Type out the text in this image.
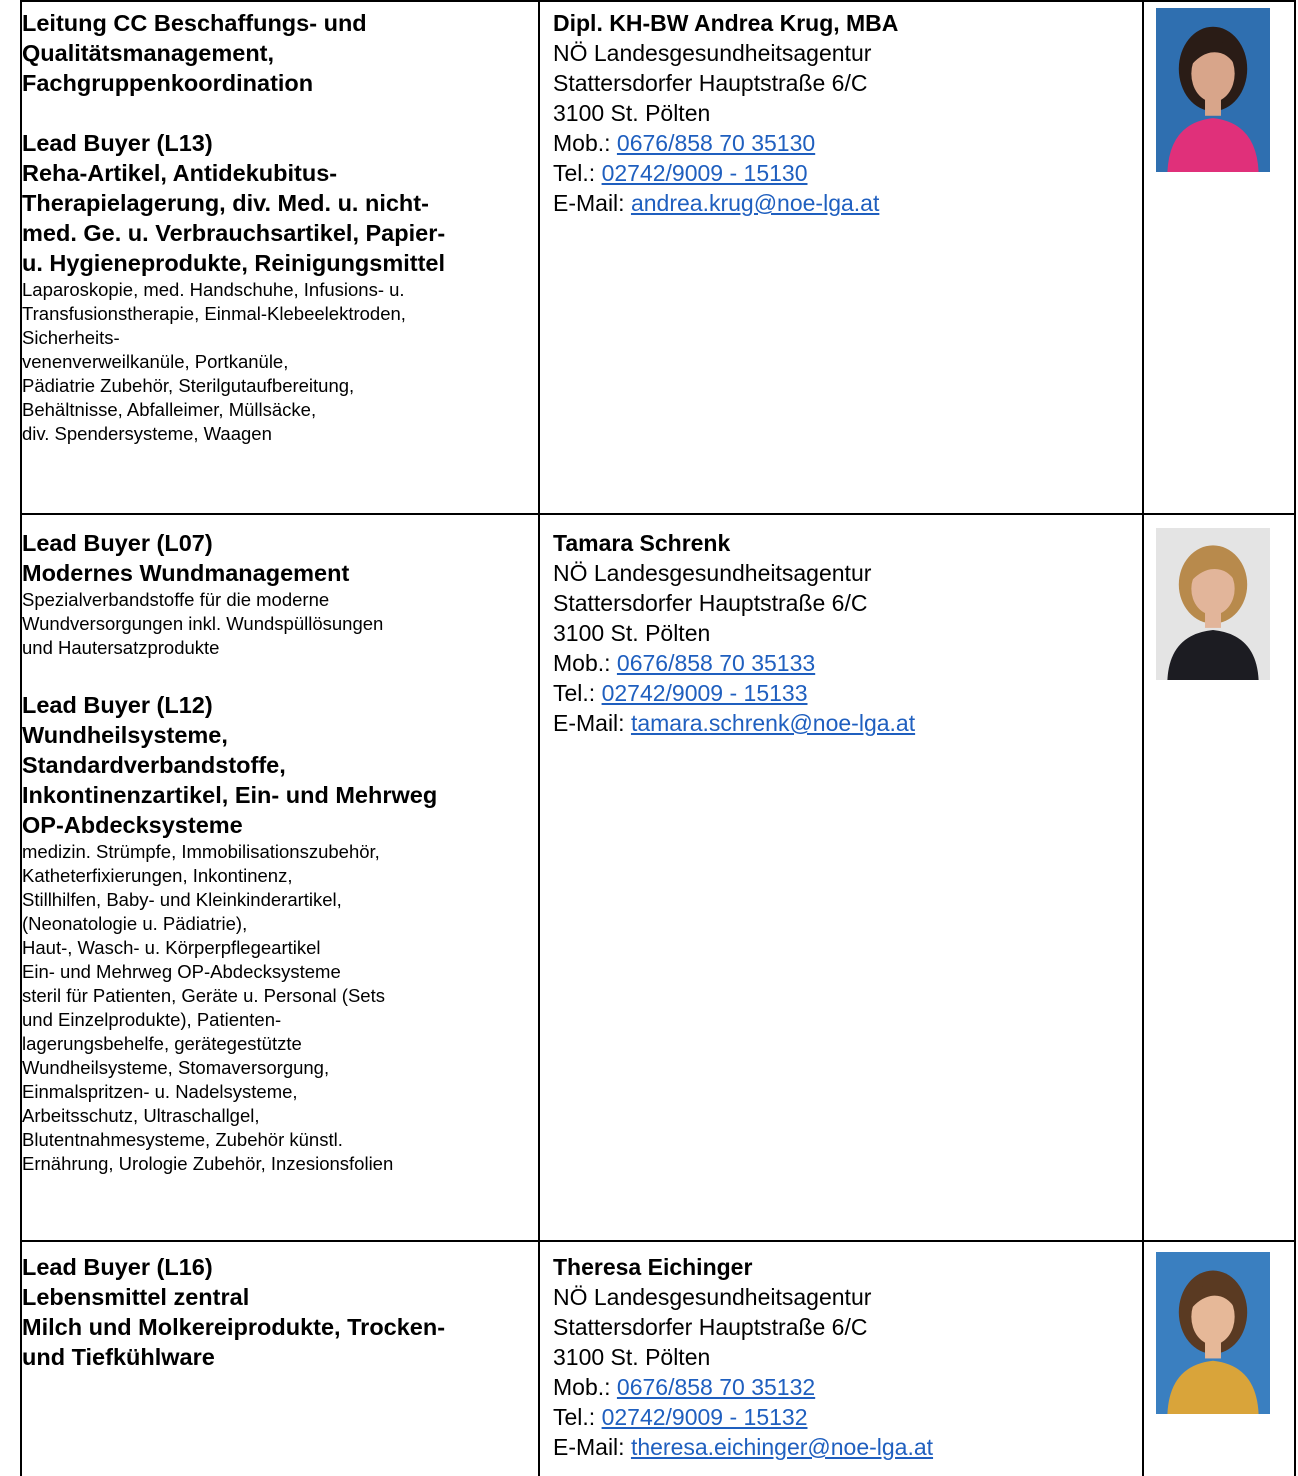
Leitung CC Beschaffungs- und
Qualitätsmanagement,
Fachgruppenkoordination
Lead Buyer (L13)
Reha-Artikel, Antidekubitus-
Therapielagerung, div. Med. u. nicht-
med. Ge. u. Verbrauchsartikel, Papier-
u. Hygieneprodukte, Reinigungsmittel
Laparoskopie, med. Handschuhe, Infusions- u.
Transfusionstherapie, Einmal-Klebeelektroden,
Sicherheits-
venenverweilkanüle, Portkanüle,
Pädiatrie Zubehör, Sterilgutaufbereitung,
Behältnisse, Abfalleimer, Müllsäcke,
div. Spendersysteme, Waagen
Dipl. KH-BW Andrea Krug, MBA
NÖ Landesgesundheitsagentur
Stattersdorfer Hauptstraße 6/C
3100 St. Pölten
Mob.: 0676/858 70 35130
Tel.: 02742/9009 - 15130
E-Mail: andrea.krug@noe-lga.at
Lead Buyer (L07)
Modernes Wundmanagement
Spezialverbandstoffe für die moderne
Wundversorgungen inkl. Wundspüllösungen
und Hautersatzprodukte
Lead Buyer (L12)
Wundheilsysteme,
Standardverbandstoffe,
Inkontinenzartikel, Ein- und Mehrweg
OP-Abdecksysteme
medizin. Strümpfe, Immobilisationszubehör,
Katheterfixierungen, Inkontinenz,
Stillhilfen, Baby- und Kleinkinderartikel,
(Neonatologie u. Pädiatrie),
Haut-, Wasch- u. Körperpflegeartikel
Ein- und Mehrweg OP-Abdecksysteme
steril für Patienten, Geräte u. Personal (Sets
und Einzelprodukte), Patienten-
lagerungsbehelfe, gerätegestützte
Wundheilsysteme, Stomaversorgung,
Einmalspritzen- u. Nadelsysteme,
Arbeitsschutz, Ultraschallgel,
Blutentnahmesysteme, Zubehör künstl.
Ernährung, Urologie Zubehör, Inzesionsfolien
Tamara Schrenk
NÖ Landesgesundheitsagentur
Stattersdorfer Hauptstraße 6/C
3100 St. Pölten
Mob.: 0676/858 70 35133
Tel.: 02742/9009 - 15133
E-Mail: tamara.schrenk@noe-lga.at
Lead Buyer (L16)
Lebensmittel zentral
Milch und Molkereiprodukte, Trocken-
und Tiefkühlware
Theresa Eichinger
NÖ Landesgesundheitsagentur
Stattersdorfer Hauptstraße 6/C
3100 St. Pölten
Mob.: 0676/858 70 35132
Tel.: 02742/9009 - 15132
E-Mail: theresa.eichinger@noe-lga.at
